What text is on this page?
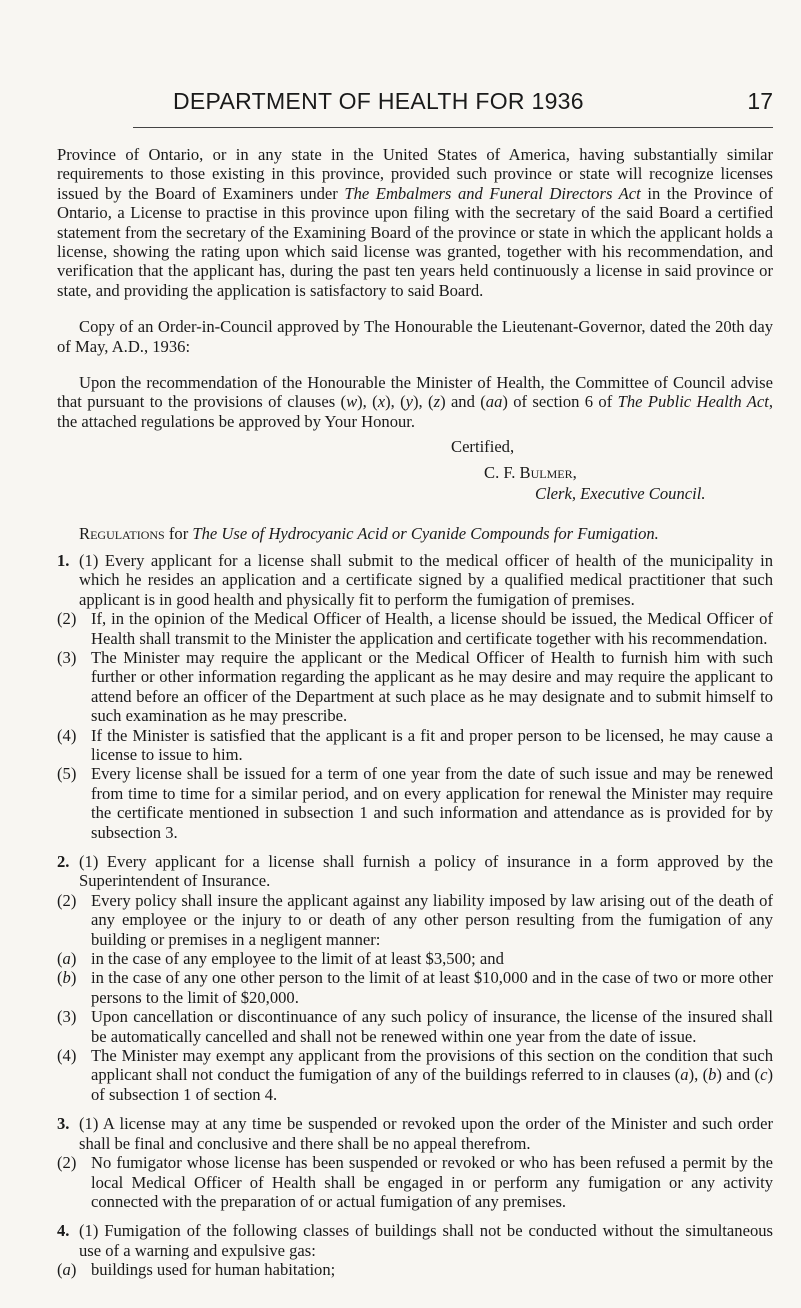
DEPARTMENT OF HEALTH FOR 1936	17

Province of Ontario, or in any state in the United States of America, having substantially similar requirements to those existing in this province, provided such province or state will recognize licenses issued by the Board of Examiners under The Embalmers and Funeral Directors Act in the Province of Ontario, a License to practise in this province upon filing with the secretary of the said Board a certified statement from the secretary of the Examining Board of the province or state in which the applicant holds a license, showing the rating upon which said license was granted, together with his recommendation, and verification that the applicant has, during the past ten years held continuously a license in said province or state, and providing the application is satisfactory to said Board.

Copy of an Order-in-Council approved by The Honourable the Lieutenant-Governor, dated the 20th day of May, A.D., 1936:

Upon the recommendation of the Honourable the Minister of Health, the Committee of Council advise that pursuant to the provisions of clauses (w), (x), (y), (z) and (aa) of section 6 of The Public Health Act, the attached regulations be approved by Your Honour.

Certified,

C. F. Bulmer,

Clerk, Executive Council.

Regulations for The Use of Hydrocyanic Acid or Cyanide Compounds for Fumigation.

1. (1) Every applicant for a license shall submit to the medical officer of health of the municipality in which he resides an application and a certificate signed by a qualified medical practitioner that such applicant is in good health and physically fit to perform the fumigation of premises.
(2) If, in the opinion of the Medical Officer of Health, a license should be issued, the Medical Officer of Health shall transmit to the Minister the application and certificate together with his recommendation.
(3) The Minister may require the applicant or the Medical Officer of Health to furnish him with such further or other information regarding the applicant as he may desire and may require the applicant to attend before an officer of the Department at such place as he may designate and to submit himself to such examination as he may prescribe.
(4) If the Minister is satisfied that the applicant is a fit and proper person to be licensed, he may cause a license to issue to him.
(5) Every license shall be issued for a term of one year from the date of such issue and may be renewed from time to time for a similar period, and on every application for renewal the Minister may require the certificate mentioned in subsection 1 and such information and attendance as is provided for by subsection 3.
2. (1) Every applicant for a license shall furnish a policy of insurance in a form approved by the Superintendent of Insurance.
(2) Every policy shall insure the applicant against any liability imposed by law arising out of the death of any employee or the injury to or death of any other person resulting from the fumigation of any building or premises in a negligent manner:
(a) in the case of any employee to the limit of at least $3,500; and
(b) in the case of any one other person to the limit of at least $10,000 and in the case of two or more other persons to the limit of $20,000.
(3) Upon cancellation or discontinuance of any such policy of insurance, the license of the insured shall be automatically cancelled and shall not be renewed within one year from the date of issue.
(4) The Minister may exempt any applicant from the provisions of this section on the condition that such applicant shall not conduct the fumigation of any of the buildings referred to in clauses (a), (b) and (c) of subsection 1 of section 4.
3. (1) A license may at any time be suspended or revoked upon the order of the Minister and such order shall be final and conclusive and there shall be no appeal therefrom.
(2) No fumigator whose license has been suspended or revoked or who has been refused a permit by the local Medical Officer of Health shall be engaged in or perform any fumigation or any activity connected with the preparation of or actual fumigation of any premises.
4. (1) Fumigation of the following classes of buildings shall not be conducted without the simultaneous use of a warning and expulsive gas:
(a) buildings used for human habitation;
